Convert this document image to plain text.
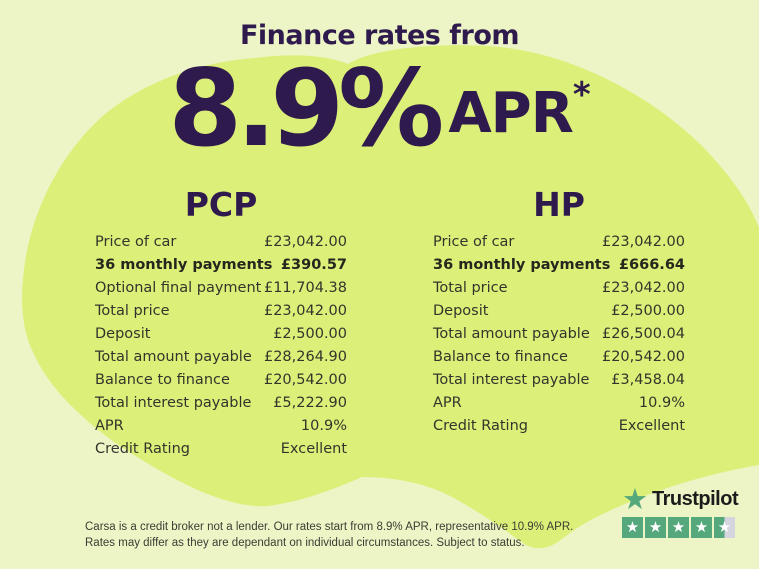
Finance rates from
8.9% APR *
PCP
Price of car	£23,042.00
36 monthly payments £390.57
Optional final payment £11,704.38
Total price	£23,042.00
Deposit	£2,500.00
Total amount payable £28,264.90
Balance to finance £20,542.00
Total interest payable £5,222.90
APR	10.9%
Credit Rating	Excellent
HP
Price of car	£23,042.00
36 monthly payments £666.64
Total price	£23,042.00
Deposit	£2,500.00
Total amount payable £26,500.04
Balance to finance £20,542.00
Total interest payable £3,458.04
APR	10.9%
Credit Rating	Excellent
Carsa is a credit broker not a lender. Our rates start from 8.9% APR, representative 10.9% APR.
Rates may differ as they are dependant on individual circumstances. Subject to status.
★ Trustpilot
★ ★ ★ ★ ★
